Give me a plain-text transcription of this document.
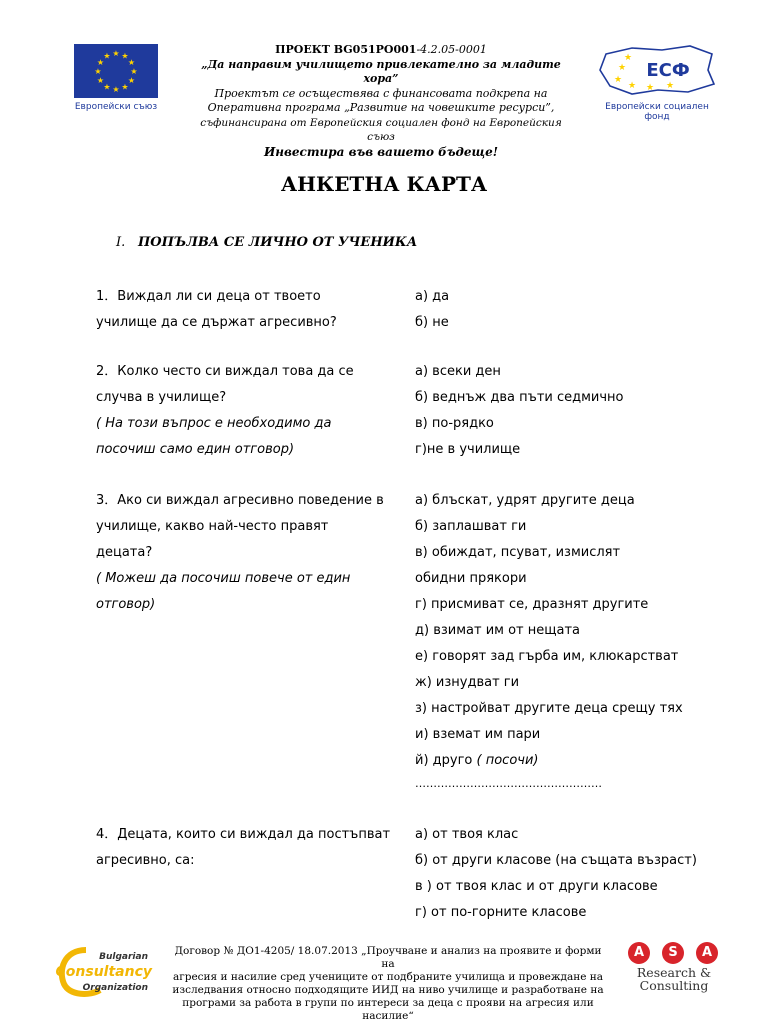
★ ★
★
★
★
★
★
★
★
★
★
★
Европейски съюз
ПРОЕКТ BG051PO001-4.2.05-0001
„Да направим училището привлекателно за младите хора”
Проектът се осъществява с финансовата подкрепа на
Оперативна програма „Развитие на човешките ресурси”,
съфинансирана от Европейския социален фонд на Европейския съюз
Инвестира във вашето бъдеще!
★
★
★ ★ ★
★
ЕСФ
Европейски социален фонд
АНКЕТНА КАРТА
I. ПОПЪЛВА СЕ ЛИЧНО ОТ УЧЕНИКА
1．Виждал ли си деца от твоето
училище да се държат агресивно?
а) да
б) не
2．Колко често си виждал това да се
случва в училище?
( На този въпрос е необходимо да
посочиш само един отговор)
а) всеки ден
б) веднъж два пъти седмично
в) по-рядко
г)не в училище
3．Ако си виждал агресивно поведение в
училище, какво най-често правят
децата?
( Можеш да посочиш повече от един
отговор)
а) блъскат, удрят другите деца
б) заплашват ги
в) обиждат, псуват, измислят
обидни прякори
г) присмиват се, дразнят другите
д) взимат им от нещата
е) говорят зад гърба им, клюкарстват
ж) изнудват ги
з) настройват другите деца срещу тях
и) вземат им пари
й) друго ( посочи)
……………………………………………
4．Децата, които си виждал да постъпват
агресивно, са:
а) от твоя клас
б) от други класове (на същата възраст)
в ) от твоя клас и от други класове
г) от по-горните класове
Bulgarian
Consultancy
Organization
Договор № ДО1-4205/ 18.07.2013 „Проучване и анализ на проявите и форми на
агресия и насилие сред учениците от подбраните училища и провеждане на
изследвания относно подходящите ИИД на ниво училище и разработване на
програми за работа в групи по интереси за деца с прояви на агресия или насилие“
A	S	A
Research &
Consulting
